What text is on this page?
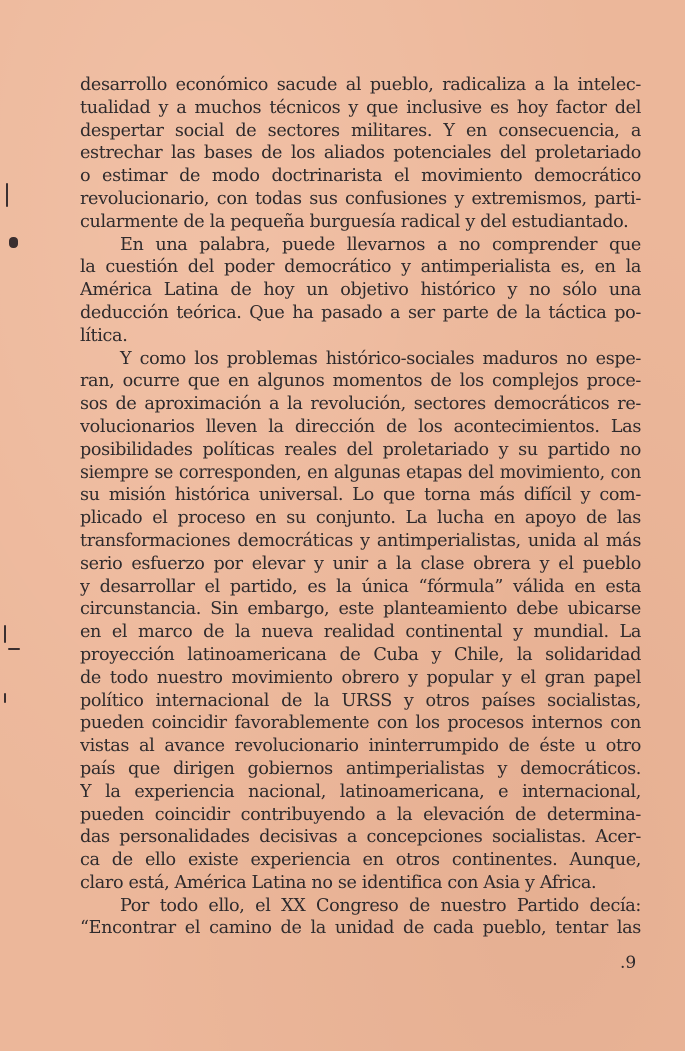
desarrollo económico sacude al pueblo, radicaliza a la intelec-
tualidad y a muchos técnicos y que inclusive es hoy factor del
despertar social de sectores militares. Y en consecuencia, a
estrechar las bases de los aliados potenciales del proletariado
o estimar de modo doctrinarista el movimiento democrático
revolucionario, con todas sus confusiones y extremismos, parti-
cularmente de la pequeña burguesía radical y del estudiantado.
En una palabra, puede llevarnos a no comprender que
la cuestión del poder democrático y antimperialista es, en la
América Latina de hoy un objetivo histórico y no sólo una
deducción teórica. Que ha pasado a ser parte de la táctica po-
lítica.
Y como los problemas histórico-sociales maduros no espe-
ran, ocurre que en algunos momentos de los complejos proce-
sos de aproximación a la revolución, sectores democráticos re-
volucionarios lleven la dirección de los acontecimientos. Las
posibilidades políticas reales del proletariado y su partido no
siempre se corresponden, en algunas etapas del movimiento, con
su misión histórica universal. Lo que torna más difícil y com-
plicado el proceso en su conjunto. La lucha en apoyo de las
transformaciones democráticas y antimperialistas, unida al más
serio esfuerzo por elevar y unir a la clase obrera y el pueblo
y desarrollar el partido, es la única “fórmula” válida en esta
circunstancia. Sin embargo, este planteamiento debe ubicarse
en el marco de la nueva realidad continental y mundial. La
proyección latinoamericana de Cuba y Chile, la solidaridad
de todo nuestro movimiento obrero y popular y el gran papel
político internacional de la URSS y otros países socialistas,
pueden coincidir favorablemente con los procesos internos con
vistas al avance revolucionario ininterrumpido de éste u otro
país que dirigen gobiernos antimperialistas y democráticos.
Y la experiencia nacional, latinoamericana, e internacional,
pueden coincidir contribuyendo a la elevación de determina-
das personalidades decisivas a concepciones socialistas. Acer-
ca de ello existe experiencia en otros continentes. Aunque,
claro está, América Latina no se identifica con Asia y Africa.
Por todo ello, el XX Congreso de nuestro Partido decía:
“Encontrar el camino de la unidad de cada pueblo, tentar las
.9
